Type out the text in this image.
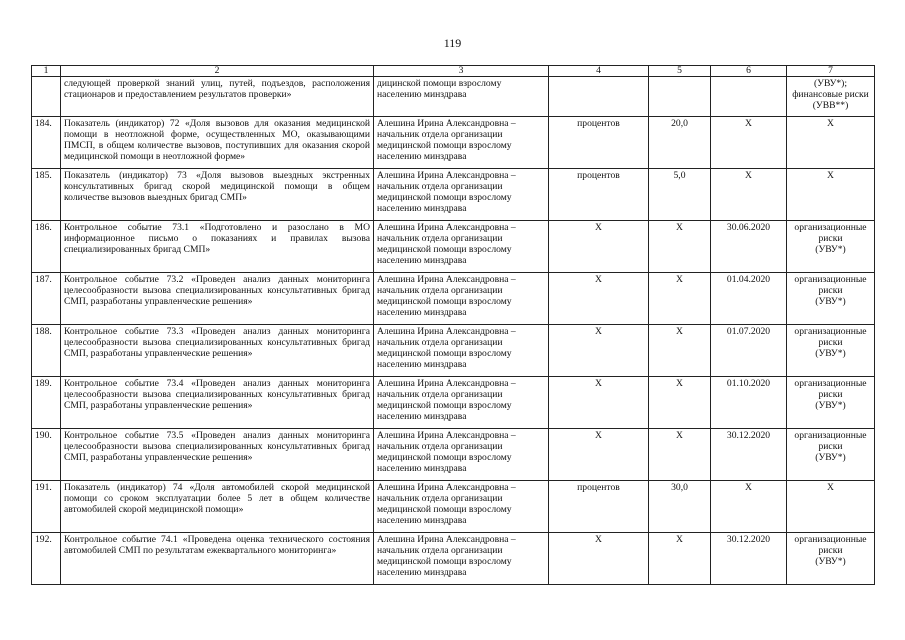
119
1	2	3	4	5	6	7
	следующей проверкой знаний улиц, путей, подъездов, расположения стационаров и предоставлением результатов проверки»	дицинской помощи взрослому населению минздрава				(УВУ*); финансовые риски
(УВВ**)

184.	Показатель (индикатор) 72 «Доля вызовов для оказания медицинской помощи в неотложной форме, осуществленных МО, оказывающими ПМСП, в общем количестве вызовов, поступивших для оказания скорой медицинской помощи в неотложной форме»	Алешина Ирина Александровна – начальник отдела организации медицинской помощи взрослому населению минздрава	процентов	20,0	X	X

185.	Показатель (индикатор) 73 «Доля вызовов выездных экстренных консультативных бригад скорой медицинской помощи в общем количестве вызовов выездных бригад СМП»	Алешина Ирина Александровна – начальник отдела организации медицинской помощи взрослому населению минздрава	процентов	5,0	X	X

186.	Контрольное событие 73.1 «Подготовлено и разослано в МО информационное письмо о показаниях и правилах вызова специализированных бригад СМП»	Алешина Ирина Александровна – начальник отдела организации медицинской помощи взрослому населению минздрава	X	X	30.06.2020	организационные риски
(УВУ*)

187.	Контрольное событие 73.2 «Проведен анализ данных мониторинга целесообразности вызова специализированных консультативных бригад СМП, разработаны управленческие решения»	Алешина Ирина Александровна – начальник отдела организации медицинской помощи взрослому населению минздрава	X	X	01.04.2020	организационные риски
(УВУ*)

188.	Контрольное событие 73.3 «Проведен анализ данных мониторинга целесообразности вызова специализированных консультативных бригад СМП, разработаны управленческие решения»	Алешина Ирина Александровна – начальник отдела организации медицинской помощи взрослому населению минздрава	X	X	01.07.2020	организационные риски
(УВУ*)

189.	Контрольное событие 73.4 «Проведен анализ данных мониторинга целесообразности вызова специализированных консультативных бригад СМП, разработаны управленческие решения»	Алешина Ирина Александровна – начальник отдела организации медицинской помощи взрослому населению минздрава	X	X	01.10.2020	организационные риски
(УВУ*)

190.	Контрольное событие 73.5 «Проведен анализ данных мониторинга целесообразности вызова специализированных консультативных бригад СМП, разработаны управленческие решения»	Алешина Ирина Александровна – начальник отдела организации медицинской помощи взрослому населению минздрава	X	X	30.12.2020	организационные риски
(УВУ*)

191.	Показатель (индикатор) 74 «Доля автомобилей скорой медицинской помощи со сроком эксплуатации более 5 лет в общем количестве автомобилей скорой медицинской помощи»	Алешина Ирина Александровна – начальник отдела организации медицинской помощи взрослому населению минздрава	процентов	30,0	X	X

192.	Контрольное событие 74.1 «Проведена оценка технического состояния автомобилей СМП по результатам ежеквартального мониторинга»	Алешина Ирина Александровна – начальник отдела организации медицинской помощи взрослому населению минздрава	X	X	30.12.2020	организационные риски
(УВУ*)
